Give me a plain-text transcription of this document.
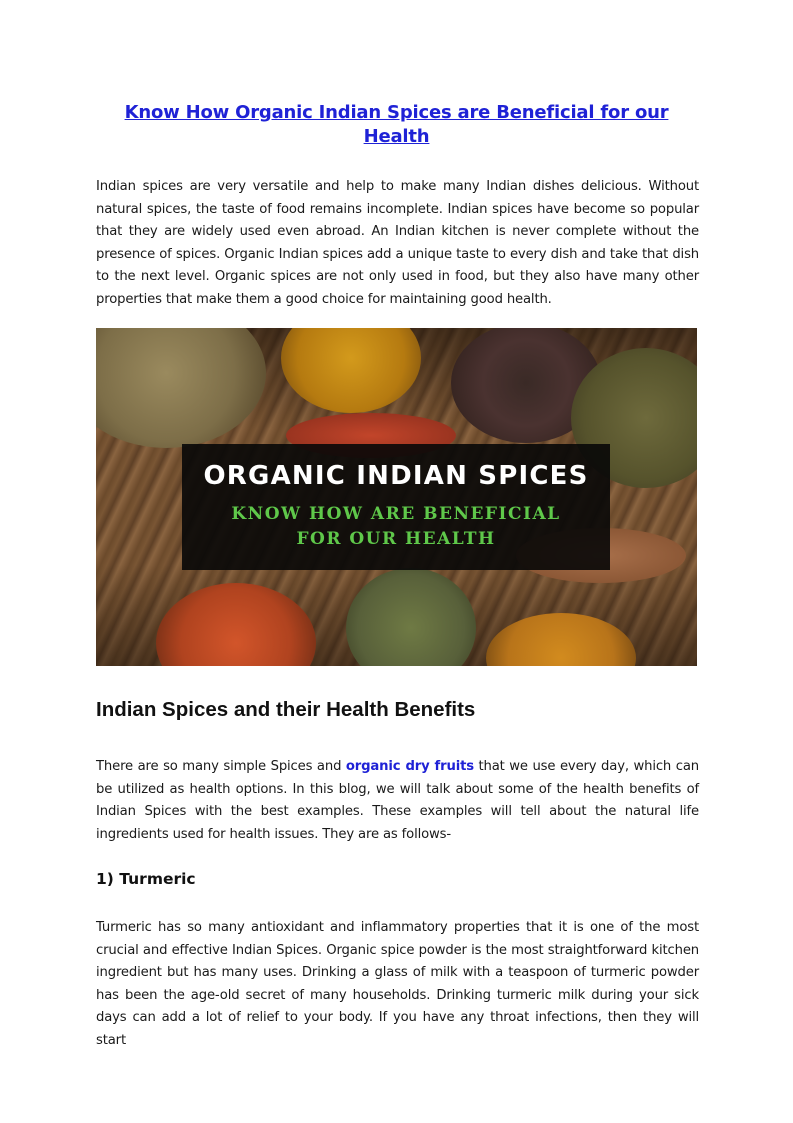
Know How Organic Indian Spices are Beneficial for our Health

Indian spices are very versatile and help to make many Indian dishes delicious. Without natural spices, the taste of food remains incomplete. Indian spices have become so popular that they are widely used even abroad. An Indian kitchen is never complete without the presence of spices. Organic Indian spices add a unique taste to every dish and take that dish to the next level. Organic spices are not only used in food, but they also have many other properties that make them a good choice for maintaining good health.

ORGANIC INDIAN SPICES
KNOW HOW ARE BENEFICIAL
FOR OUR HEALTH
Indian Spices and their Health Benefits

There are so many simple Spices and organic dry fruits that we use every day, which can be utilized as health options. In this blog, we will talk about some of the health benefits of Indian Spices with the best examples. These examples will tell about the natural life ingredients used for health issues. They are as follows-

1) Turmeric

Turmeric has so many antioxidant and inflammatory properties that it is one of the most crucial and effective Indian Spices. Organic spice powder is the most straightforward kitchen ingredient but has many uses. Drinking a glass of milk with a teaspoon of turmeric powder has been the age-old secret of many households. Drinking turmeric milk during your sick days can add a lot of relief to your body. If you have any throat infections, then they will start
